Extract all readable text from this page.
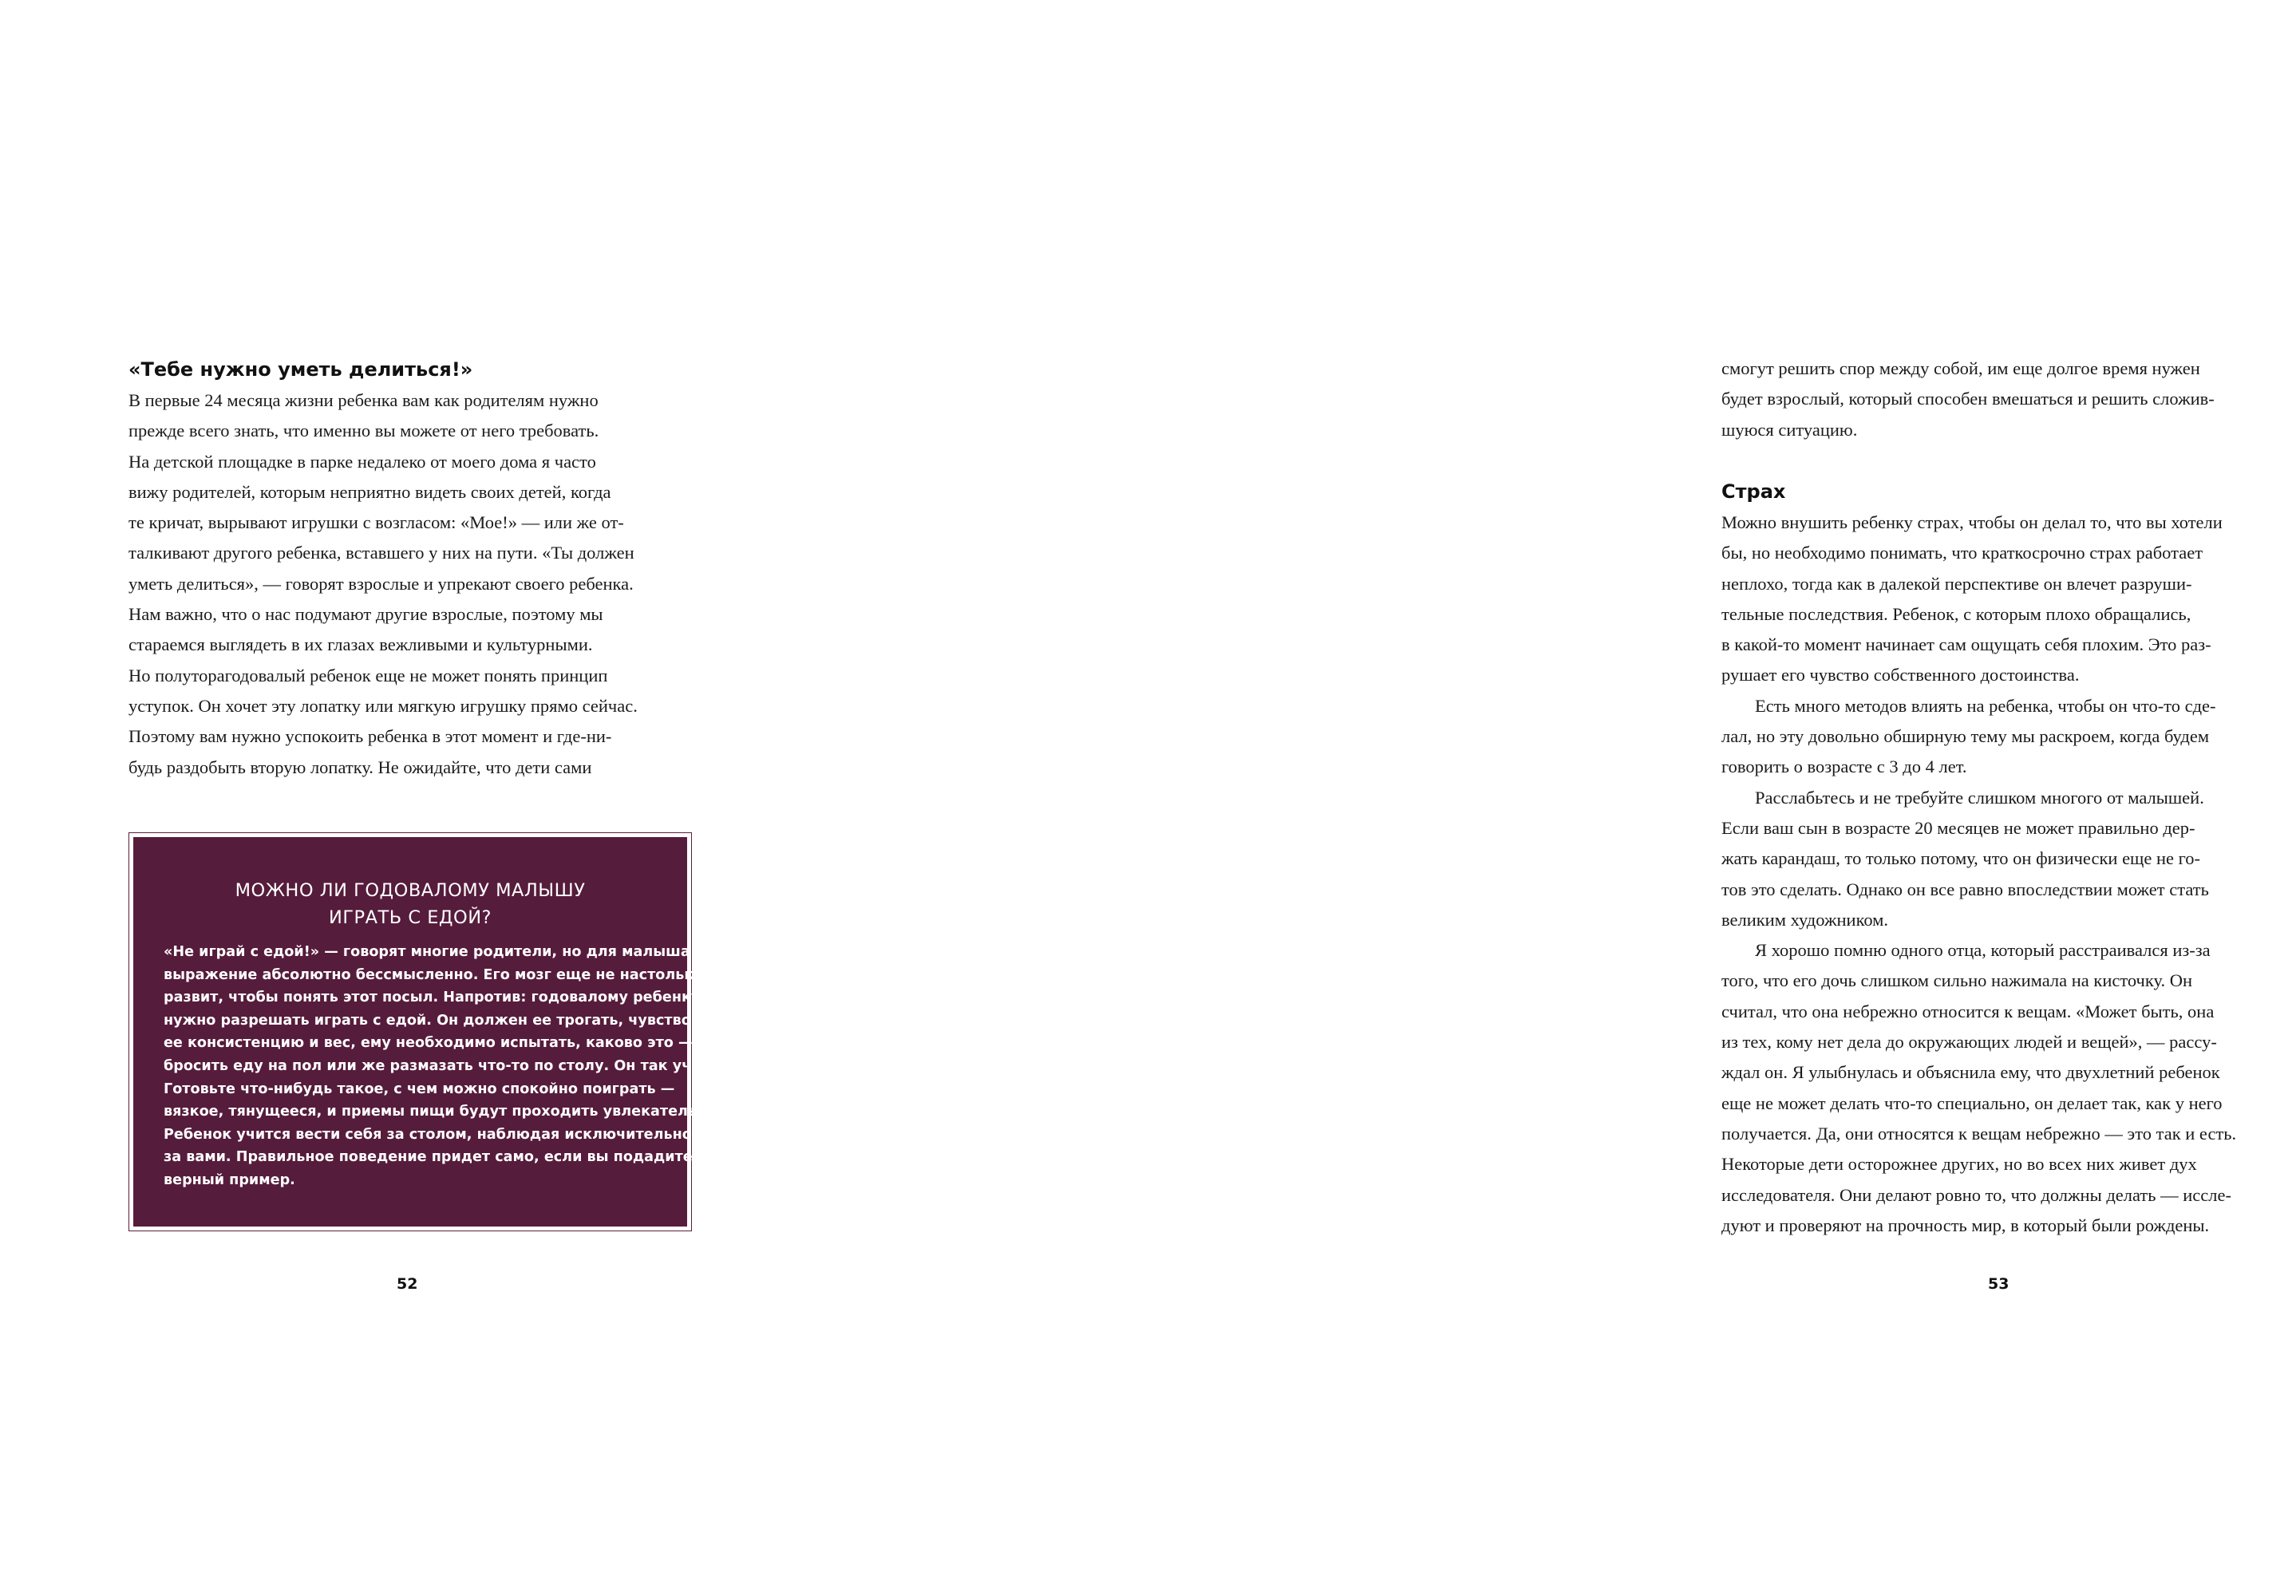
«Тебе нужно уметь делиться!»
В первые 24 месяца жизни ребенка вам как родителям нужно
прежде всего знать, что именно вы можете от него требовать.
На детской площадке в парке недалеко от моего дома я часто
вижу родителей, которым неприятно видеть своих детей, когда
те кричат, вырывают игрушки с возгласом: «Мое!» — или же от-
талкивают другого ребенка, вставшего у них на пути. «Ты должен
уметь делиться», — говорят взрослые и упрекают своего ребенка.
Нам важно, что о нас подумают другие взрослые, поэтому мы
стараемся выглядеть в их глазах вежливыми и культурными.
Но полуторагодовалый ребенок еще не может понять принцип
уступок. Он хочет эту лопатку или мягкую игрушку прямо сейчас.
Поэтому вам нужно успокоить ребенка в этот момент и где-ни-
будь раздобыть вторую лопатку. Не ожидайте, что дети сами
МОЖНО ЛИ ГОДОВАЛОМУ МАЛЫШУ
ИГРАТЬ С ЕДОЙ?
«Не играй с едой!» — говорят многие родители, но для малыша это
выражение абсолютно бессмысленно. Его мозг еще не настолько
развит, чтобы понять этот посыл. Напротив: годовалому ребенку
нужно разрешать играть с едой. Он должен ее трогать, чувствовать
ее консистенцию и вес, ему необходимо испытать, каково это —
бросить еду на пол или же размазать что-то по столу. Он так учится.
Готовьте что-нибудь такое, с чем можно спокойно поиграть —
вязкое, тянущееся, и приемы пищи будут проходить увлекательнее.
Ребенок учится вести себя за столом, наблюдая исключительно
за вами. Правильное поведение придет само, если вы подадите
верный пример.
52
смогут решить спор между собой, им еще долгое время нужен
будет взрослый, который способен вмешаться и решить сложив-
шуюся ситуацию.
Страх
Можно внушить ребенку страх, чтобы он делал то, что вы хотели
бы, но необходимо понимать, что краткосрочно страх работает
неплохо, тогда как в далекой перспективе он влечет разруши-
тельные последствия. Ребенок, с которым плохо обращались,
в какой-то момент начинает сам ощущать себя плохим. Это раз-
рушает его чувство собственного достоинства.
Есть много методов влиять на ребенка, чтобы он что-то сде-
лал, но эту довольно обширную тему мы раскроем, когда будем
говорить о возрасте с 3 до 4 лет.
Расслабьтесь и не требуйте слишком многого от малышей.
Если ваш сын в возрасте 20 месяцев не может правильно дер-
жать карандаш, то только потому, что он физически еще не го-
тов это сделать. Однако он все равно впоследствии может стать
великим художником.
Я хорошо помню одного отца, который расстраивался из-за
того, что его дочь слишком сильно нажимала на кисточку. Он
считал, что она небрежно относится к вещам. «Может быть, она
из тех, кому нет дела до окружающих людей и вещей», — рассу-
ждал он. Я улыбнулась и объяснила ему, что двухлетний ребенок
еще не может делать что-то специально, он делает так, как у него
получается. Да, они относятся к вещам небрежно — это так и есть.
Некоторые дети осторожнее других, но во всех них живет дух
исследователя. Они делают ровно то, что должны делать — иссле-
дуют и проверяют на прочность мир, в который были рождены.
53
